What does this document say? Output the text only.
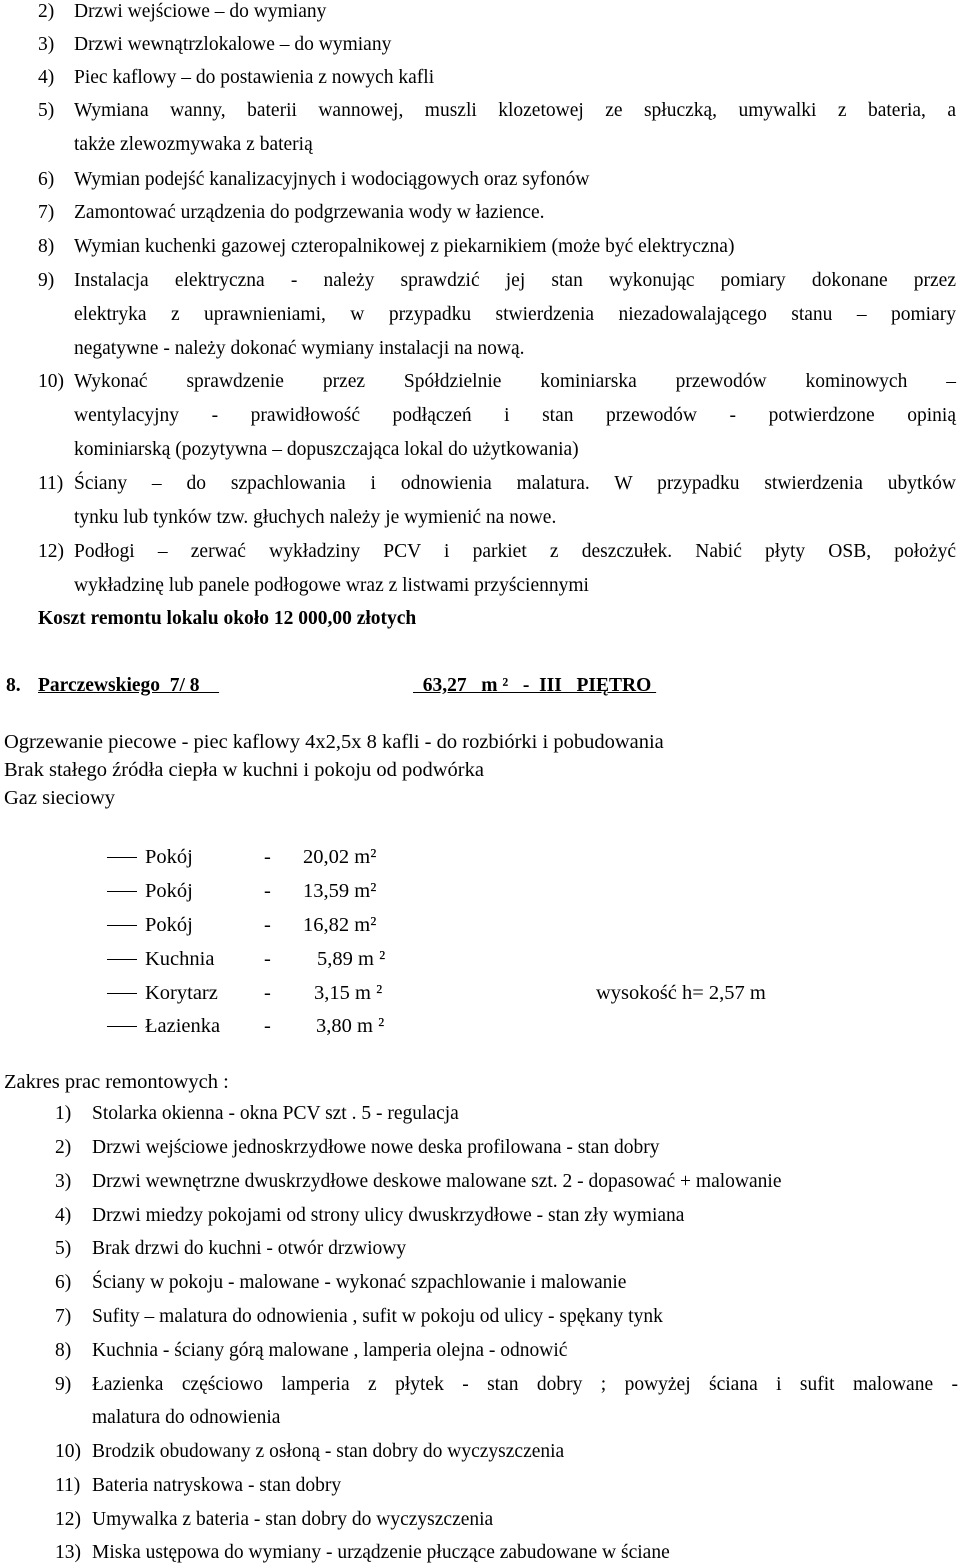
2) Drzwi wejściowe – do wymiany
3) Drzwi wewnątrzlokalowe – do wymiany
4) Piec kaflowy – do postawienia z nowych kafli
5) Wymiana wanny, baterii wannowej, muszli klozetowej ze spłuczką, umywalki z bateria, a
także zlewozmywaka z baterią
6) Wymian podejść kanalizacyjnych i wodociągowych oraz syfonów
7) Zamontować urządzenia do podgrzewania wody w łazience.
8) Wymian kuchenki gazowej czteropalnikowej z piekarnikiem (może być elektryczna)
9) Instalacja elektryczna - należy sprawdzić jej stan wykonując pomiary dokonane przez
elektryka z uprawnieniami, w przypadku stwierdzenia niezadowalającego stanu – pomiary
negatywne - należy dokonać wymiany instalacji na nową.
10) Wykonać sprawdzenie przez Spółdzielnie kominiarska przewodów kominowych –
wentylacyjny - prawidłowość podłączeń i stan przewodów - potwierdzone opinią
kominiarską (pozytywna – dopuszczająca lokal do użytkowania)
11) Ściany – do szpachlowania i odnowienia malatura. W przypadku stwierdzenia ubytków
tynku lub tynków tzw. głuchych należy je wymienić na nowe.
12) Podłogi – zerwać wykładziny PCV i parkiet z deszczułek. Nabić płyty OSB, położyć
wykładzinę lub panele podłogowe wraz z listwami przyściennymi
Koszt remontu lokalu około 12 000,00 złotych
8. Parczewskiego  7/ 8	63,27   m ²   -  III   PIĘTRO
Ogrzewanie piecowe - piec kaflowy 4x2,5x 8 kafli - do rozbiórki i pobudowania
Brak stałego źródła ciepła w kuchni i pokoju od podwórka
Gaz sieciowy
Pokój	- 20,02 m²
Pokój	- 13,59 m²
Pokój	- 16,82 m²
Kuchnia - 5,89 m ²
Korytarz - 3,15 m ²	wysokość h= 2,57 m
Łazienka - 3,80 m ²
Zakres prac remontowych :
1) Stolarka okienna - okna PCV szt . 5 - regulacja
2) Drzwi wejściowe jednoskrzydłowe nowe deska profilowana - stan dobry
3) Drzwi wewnętrzne dwuskrzydłowe deskowe malowane szt. 2 - dopasować + malowanie
4) Drzwi miedzy pokojami od strony ulicy dwuskrzydłowe - stan zły wymiana
5) Brak drzwi do kuchni - otwór drzwiowy
6) Ściany w pokoju - malowane - wykonać szpachlowanie i malowanie
7) Sufity – malatura do odnowienia , sufit w pokoju od ulicy - spękany tynk
8) Kuchnia - ściany górą malowane , lamperia olejna - odnowić
9) Łazienka częściowo lamperia z płytek - stan dobry ; powyżej ściana i sufit malowane -
malatura do odnowienia
10) Brodzik obudowany z osłoną - stan dobry do wyczyszczenia
11) Bateria natryskowa - stan dobry
12) Umywalka z bateria - stan dobry do wyczyszczenia
13) Miska ustępowa do wymiany - urządzenie płuczące zabudowane w ściane
